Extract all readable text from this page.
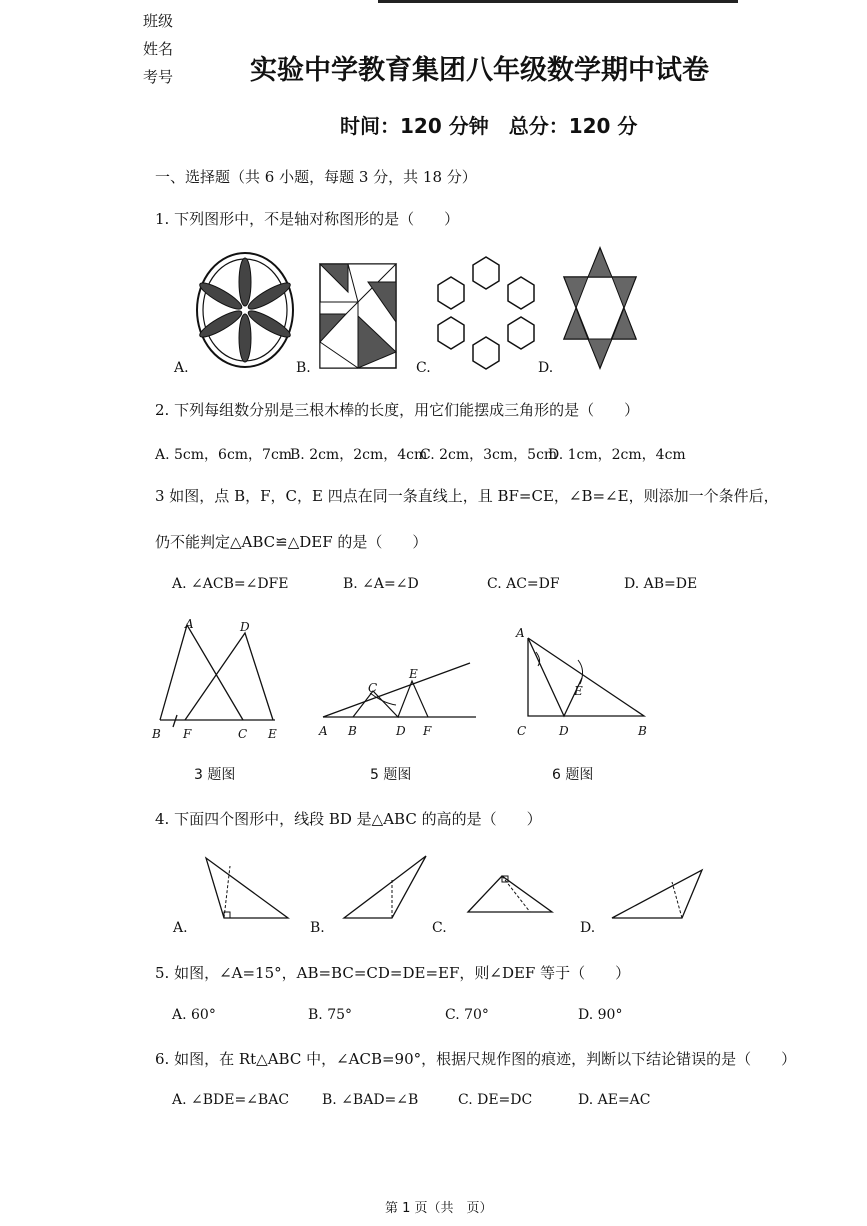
班级
姓名
考号	实验中学教育集团八年级数学期中试卷
时间：120 分钟　总分：120 分
一、选择题（共 6 小题，每题 3 分，共 18 分）
1. 下列图形中，不是轴对称图形的是（　　）
A.	B.	C.	D.
2. 下列每组数分别是三根木棒的长度，用它们能摆成三角形的是（　　）
A. 5cm，6cm，7cm
B. 2cm，2cm，4cm
C. 2cm，3cm，5cm
D. 1cm，2cm，4cm
3 如图，点 B，F，C，E 四点在同一条直线上，且 BF=CE，∠B=∠E，则添加一个条件后，
仍不能判定△ABC≌△DEF 的是（　　）
A. ∠ACB=∠DFE	B. ∠A=∠D	C. AC=DF	D. AB=DE
A	D
B F	C E
3 题图
A B
C
D
E
F
5 题图
A
E
C	D	B
6 题图
4. 下面四个图形中，线段 BD 是△ABC 的高的是（　　）
A.	B.	C.	D.
5. 如图，∠A=15°，AB=BC=CD=DE=EF，则∠DEF 等于（　　）
A. 60°	B. 75°	C. 70°	D. 90°
6. 如图，在 Rt△ABC 中，∠ACB=90°，根据尺规作图的痕迹，判断以下结论错误的是（　　）
A. ∠BDE=∠BAC B. ∠BAD=∠B	C. DE=DC	D. AE=AC
第 1 页（共　页）
